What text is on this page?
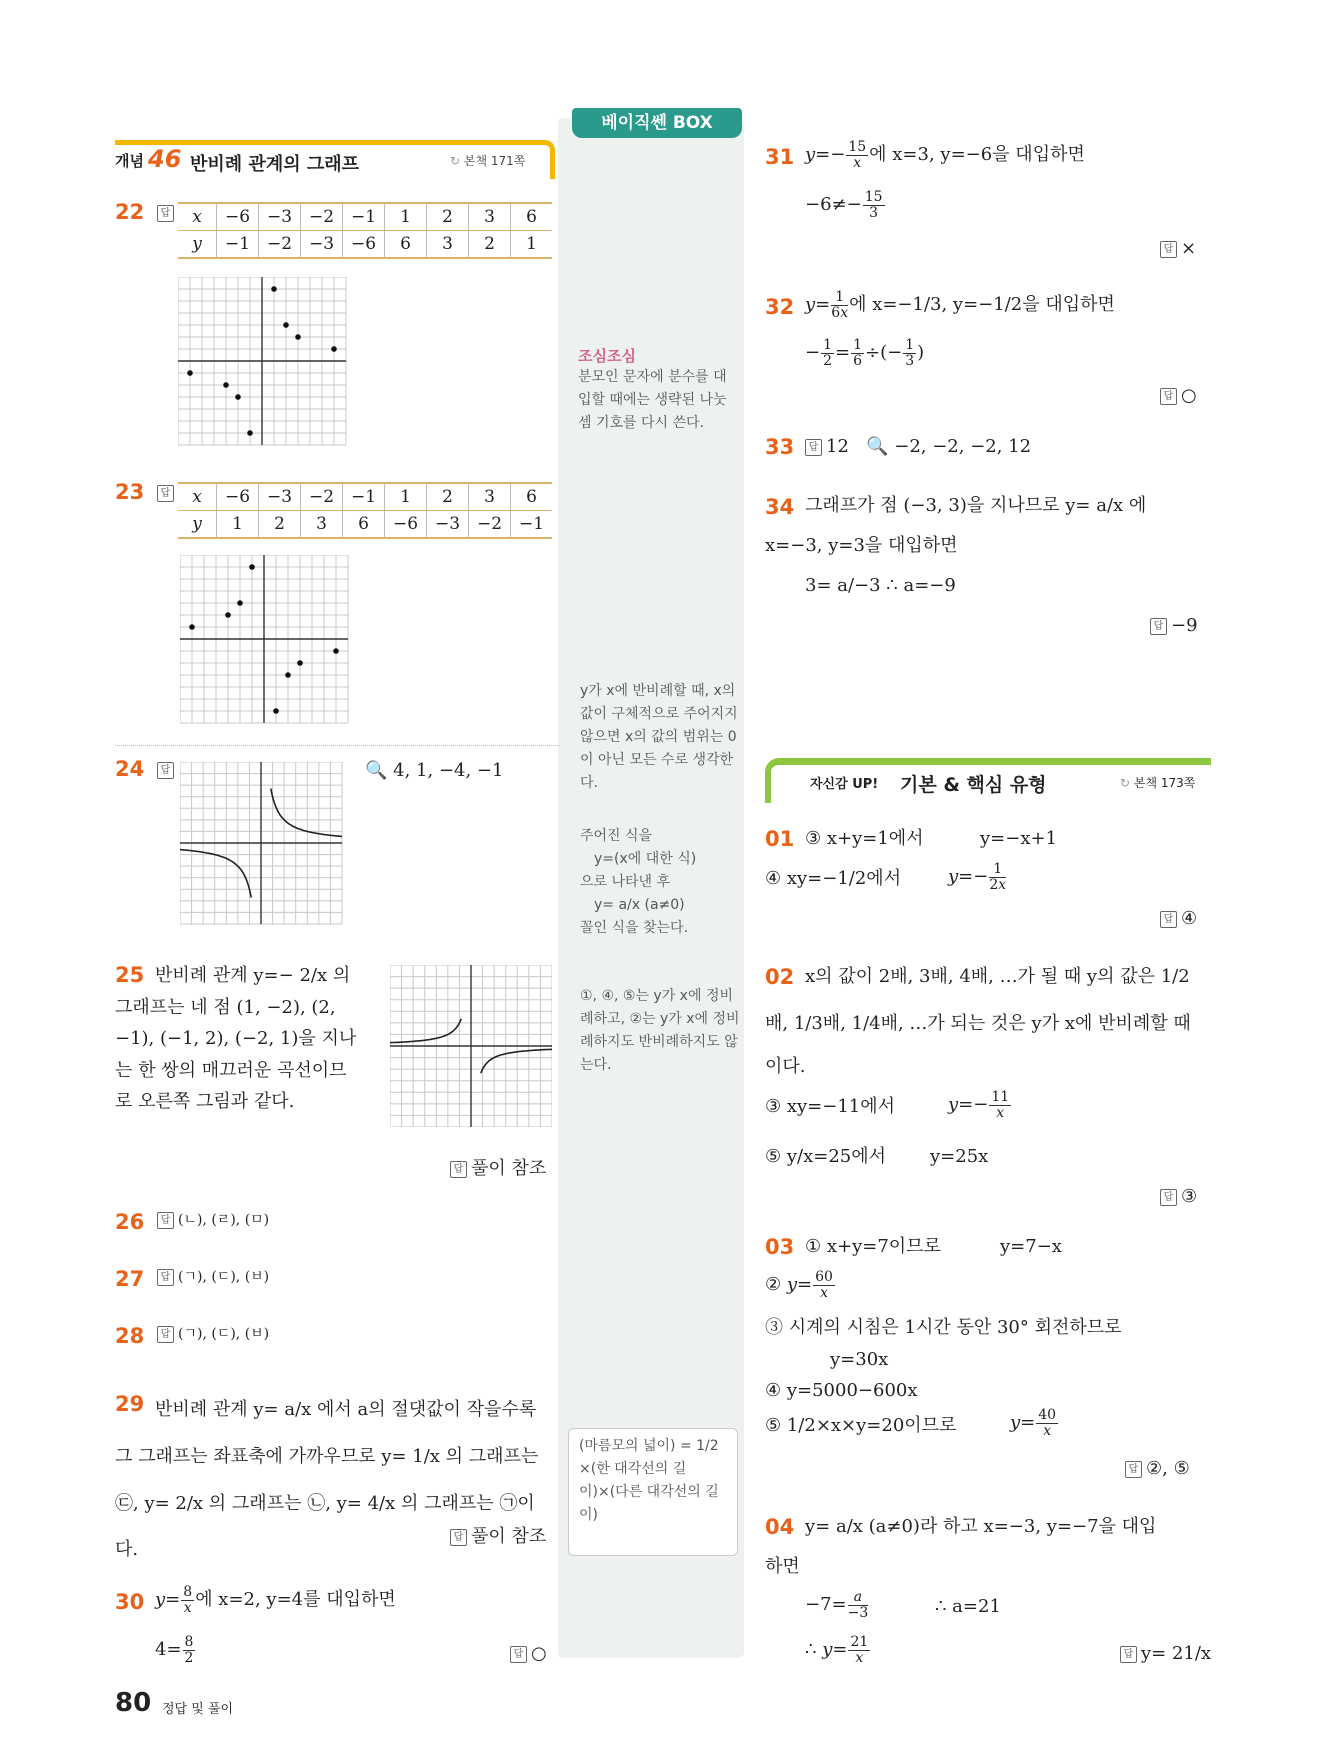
베이직쎈 BOX
개념 46 반비례 관계의 그래프	↻ 본책 171쪽
22	답 x	−6	−3	−2	−1	1	2	3	6
y	−1	−2	−3	−6	6	3	2	1
23	답 x	−6	−3	−2	−1	1	2	3	6
y	1	2	3	6	−6	−3	−2	−1
24	답	🔍 4, 1, −4, −1
25 반비례 관계 y=− 2/x 의 그래프는 네 점 (1, −2), (2, −1), (−1, 2), (−2, 1)을 지나는 한 쌍의 매끄러운 곡선이므로 오른쪽 그림과 같다.
답 풀이 참조
26	답 (ㄴ), (ㄹ), (ㅁ)
27	답 (ㄱ), (ㄷ), (ㅂ)
28	답 (ㄱ), (ㄷ), (ㅂ)
29 반비례 관계 y= a/x 에서 a의 절댓값이 작을수록 그 그래프는 좌표축에 가까우므로 y= 1/x 의 그래프는 ㉢, y= 2/x 의 그래프는 ㉡, y= 4/x 의 그래프는 ㉠이다.
답 풀이 참조
30 $y= \frac{8}{x}$ 에 x=2, y=4를 대입하면
$4= \frac{8}{2}$	답 ○
조심조심
분모인 문자에 분수를 대입할 때에는 생략된 나눗셈 기호를 다시 쓴다.
y가 x에 반비례할 때, x의 값이 구체적으로 주어지지 않으면 x의 값의 범위는 0이 아닌 모든 수로 생각한다.
주어진 식을
y=(x에 대한 식)
으로 나타낸 후
y= a/x (a≠0)
꼴인 식을 찾는다.
①, ④, ⑤는 y가 x에 정비례하고, ②는 y가 x에 정비례하지도 반비례하지도 않는다.
(마름모의 넓이) = 1/2 ×(한 대각선의 길이)×(다른 대각선의 길이)
31 $y=- \frac{15}{x}$ 에 x=3, y=−6을 대입하면
$-6\ne- \frac{15}{3}$
답 ×
32 $y= \frac{1}{6x}$ 에 x=−1/3, y=−1/2을 대입하면
− $\frac{1}{2} = \frac{1}{6}$ ÷(− $\frac{1}{3}$ )
답 ○
33	답 12 🔍 −2, −2, −2, 12
34 그래프가 점 (−3, 3)을 지나므로 y= a/x 에
x=−3, y=3을 대입하면
3= a/−3 ∴ a=−9
답 −9
자신감 UP! 기본 & 핵심 유형	↻ 본책 173쪽
01 ③ x+y=1에서	y=−x+1
④ xy=−1/2에서	$y=- \frac{1}{2x}$
답 ④
02 x의 값이 2배, 3배, 4배, …가 될 때 y의 값은 1/2
배, 1/3배, 1/4배, …가 되는 것은 y가 x에 반비례할 때
이다.
③ xy=−11에서	$y=- \frac{11}{x}$
⑤ y/x=25에서 y=25x
답 ③
03 ① x+y=7이므로	y=7−x
② $y= \frac{60}{x}$
③ 시계의 시침은 1시간 동안 30° 회전하므로
y=30x
④ y=5000−600x
⑤ 1/2×x×y=20이므로	$y= \frac{40}{x}$
답 ②, ⑤
04 y= a/x (a≠0)라 하고 x=−3, y=−7을 대입
하면
$-7= \frac{a}{-3}$	∴ a=21
∴ $y= \frac{21}{x}$	답 y= 21/x
80 정답 및 풀이
